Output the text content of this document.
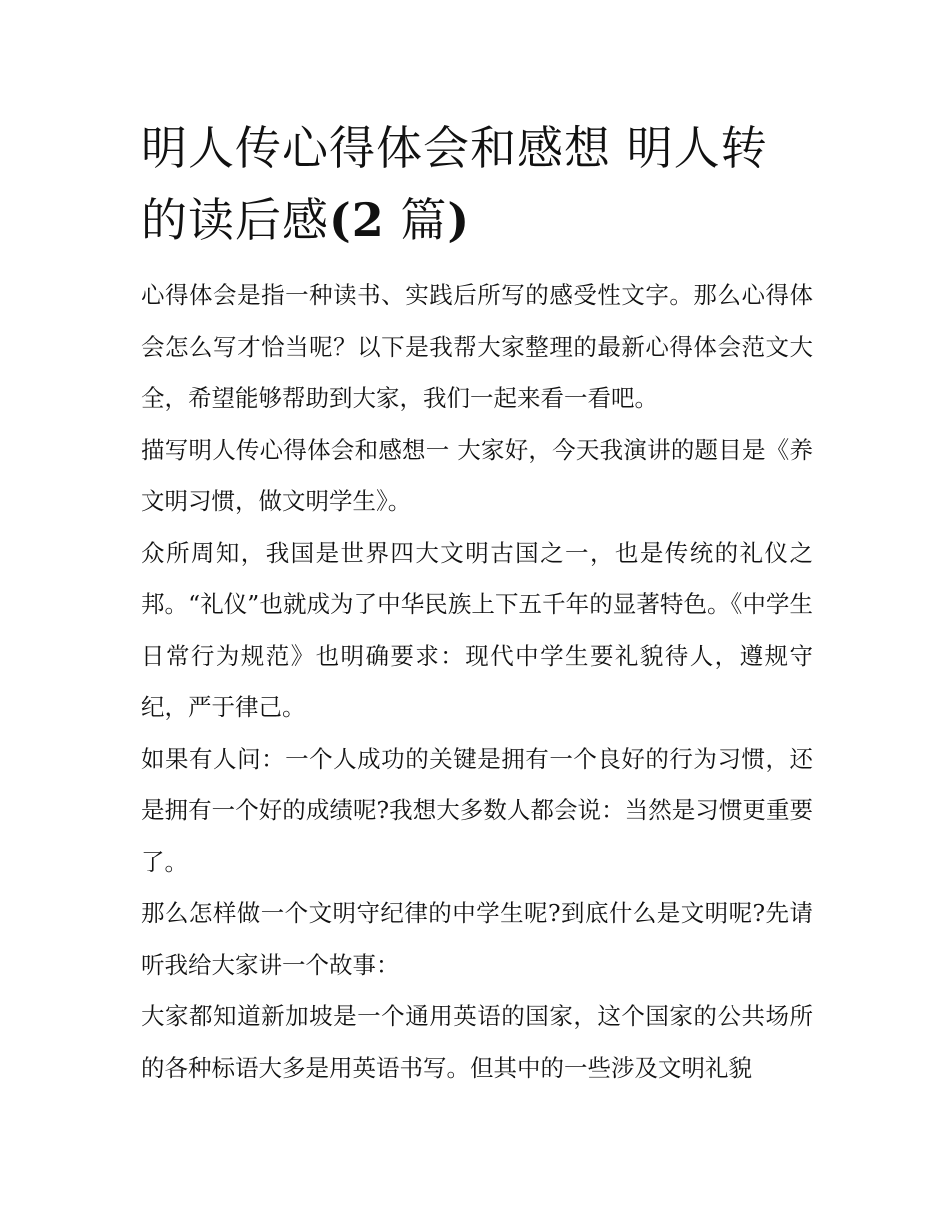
明人传心得体会和感想 明人转的读后感(2 篇)

心得体会是指一种读书、实践后所写的感受性文字。那么心得体会怎么写才恰当呢？以下是我帮大家整理的最新心得体会范文大全，希望能够帮助到大家，我们一起来看一看吧。

描写明人传心得体会和感想一 大家好，今天我演讲的题目是《养文明习惯，做文明学生》。

众所周知，我国是世界四大文明古国之一，也是传统的礼仪之邦。“礼仪”也就成为了中华民族上下五千年的显著特色。《中学生日常行为规范》也明确要求：现代中学生要礼貌待人，遵规守纪，严于律己。

如果有人问：一个人成功的关键是拥有一个良好的行为习惯，还是拥有一个好的成绩呢?我想大多数人都会说：当然是习惯更重要了。

那么怎样做一个文明守纪律的中学生呢?到底什么是文明呢?先请听我给大家讲一个故事：

大家都知道新加坡是一个通用英语的国家，这个国家的公共场所的各种标语大多是用英语书写。但其中的一些涉及文明礼貌
